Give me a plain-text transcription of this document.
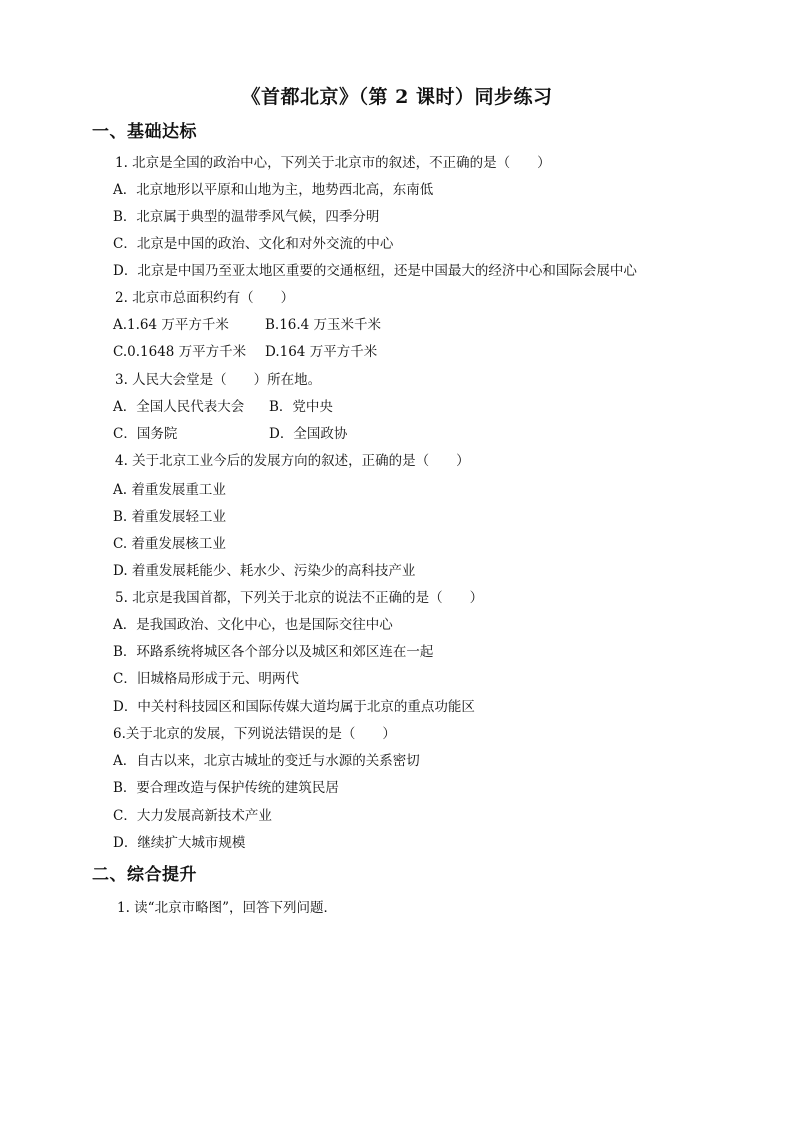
《首都北京》（第 2 课时）同步练习
一、基础达标
1. 北京是全国的政治中心，下列关于北京市的叙述，不正确的是（　　）
A．北京地形以平原和山地为主，地势西北高，东南低
B．北京属于典型的温带季风气候，四季分明
C．北京是中国的政治、文化和对外交流的中心
D．北京是中国乃至亚太地区重要的交通枢纽，还是中国最大的经济中心和国际会展中心
2. 北京市总面积约有（　　）
A.1.64 万平方千米	B.16.4 万玉米千米
C.0.1648 万平方千米 D.164 万平方千米
3. 人民大会堂是（　　）所在地。
A．全国人民代表大会 B．党中央
C．国务院	D．全国政协
4. 关于北京工业今后的发展方向的叙述，正确的是（　　）
A. 着重发展重工业
B. 着重发展轻工业
C. 着重发展核工业
D. 着重发展耗能少、耗水少、污染少的高科技产业
5. 北京是我国首都，下列关于北京的说法不正确的是（　　）
A．是我国政治、文化中心，也是国际交往中心
B．环路系统将城区各个部分以及城区和郊区连在一起
C．旧城格局形成于元、明两代
D．中关村科技园区和国际传媒大道均属于北京的重点功能区
6.关于北京的发展，下列说法错误的是（　　）
A．自古以来，北京古城址的变迁与水源的关系密切
B．要合理改造与保护传统的建筑民居
C．大力发展高新技术产业
D．继续扩大城市规模
二、综合提升
1. 读“北京市略图”，回答下列问题．
